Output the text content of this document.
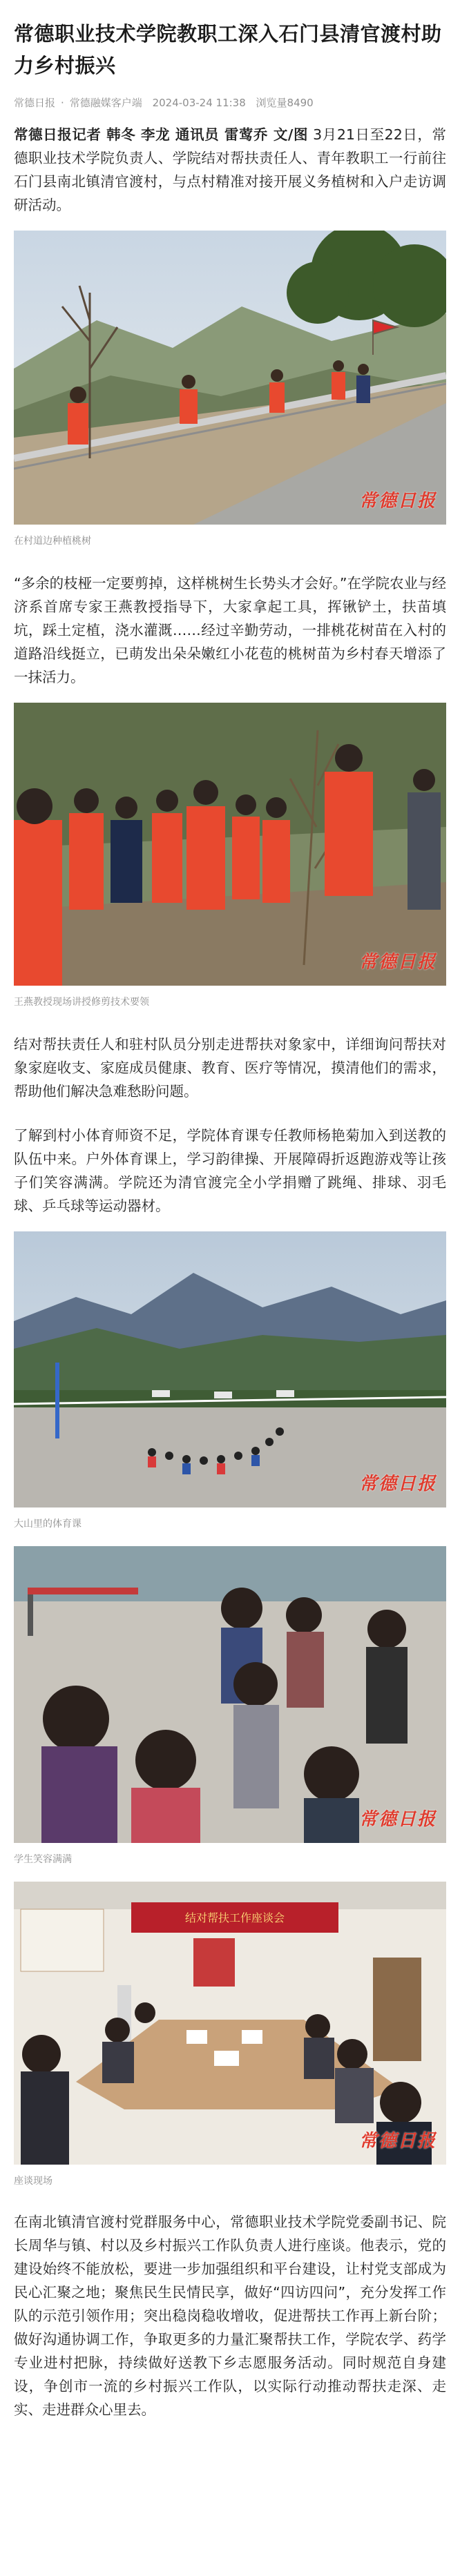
常德职业技术学院教职工深入石门县清官渡村助力乡村振兴
常德日报 · 常德融媒客户端 2024-03-24 11:38 浏览量8490

常德日报记者 韩冬 李龙 通讯员 雷莺乔 文/图 3月21日至22日，常德职业技术学院负责人、学院结对帮扶责任人、青年教职工一行前往石门县南北镇清官渡村，与点村精准对接开展义务植树和入户走访调研活动。

常德日报
在村道边种植桃树

“多余的枝桠一定要剪掉，这样桃树生长势头才会好。”在学院农业与经济系首席专家王燕教授指导下，大家拿起工具，挥锹铲土，扶苗填坑，踩土定植，浇水灌溉……经过辛勤劳动，一排桃花树苗在入村的道路沿线挺立，已萌发出朵朵嫩红小花苞的桃树苗为乡村春天增添了一抹活力。

常德日报
王燕教授现场讲授修剪技术要领

结对帮扶责任人和驻村队员分别走进帮扶对象家中，详细询问帮扶对象家庭收支、家庭成员健康、教育、医疗等情况，摸清他们的需求，帮助他们解决急难愁盼问题。

了解到村小体育师资不足，学院体育课专任教师杨艳菊加入到送教的队伍中来。户外体育课上，学习韵律操、开展障碍折返跑游戏等让孩子们笑容满满。学院还为清官渡完全小学捐赠了跳绳、排球、羽毛球、乒乓球等运动器材。

常德日报
大山里的体育课
常德日报
学生笑容满满
结对帮扶工作座谈会
常德日报
座谈现场

在南北镇清官渡村党群服务中心，常德职业技术学院党委副书记、院长周华与镇、村以及乡村振兴工作队负责人进行座谈。他表示，党的建设始终不能放松，要进一步加强组织和平台建设，让村党支部成为民心汇聚之地；聚焦民生民情民享，做好“四访四问”，充分发挥工作队的示范引领作用；突出稳岗稳收增收，促进帮扶工作再上新台阶；做好沟通协调工作，争取更多的力量汇聚帮扶工作，学院农学、药学专业进村把脉，持续做好送教下乡志愿服务活动。同时规范自身建设，争创市一流的乡村振兴工作队，以实际行动推动帮扶走深、走实、走进群众心里去。
